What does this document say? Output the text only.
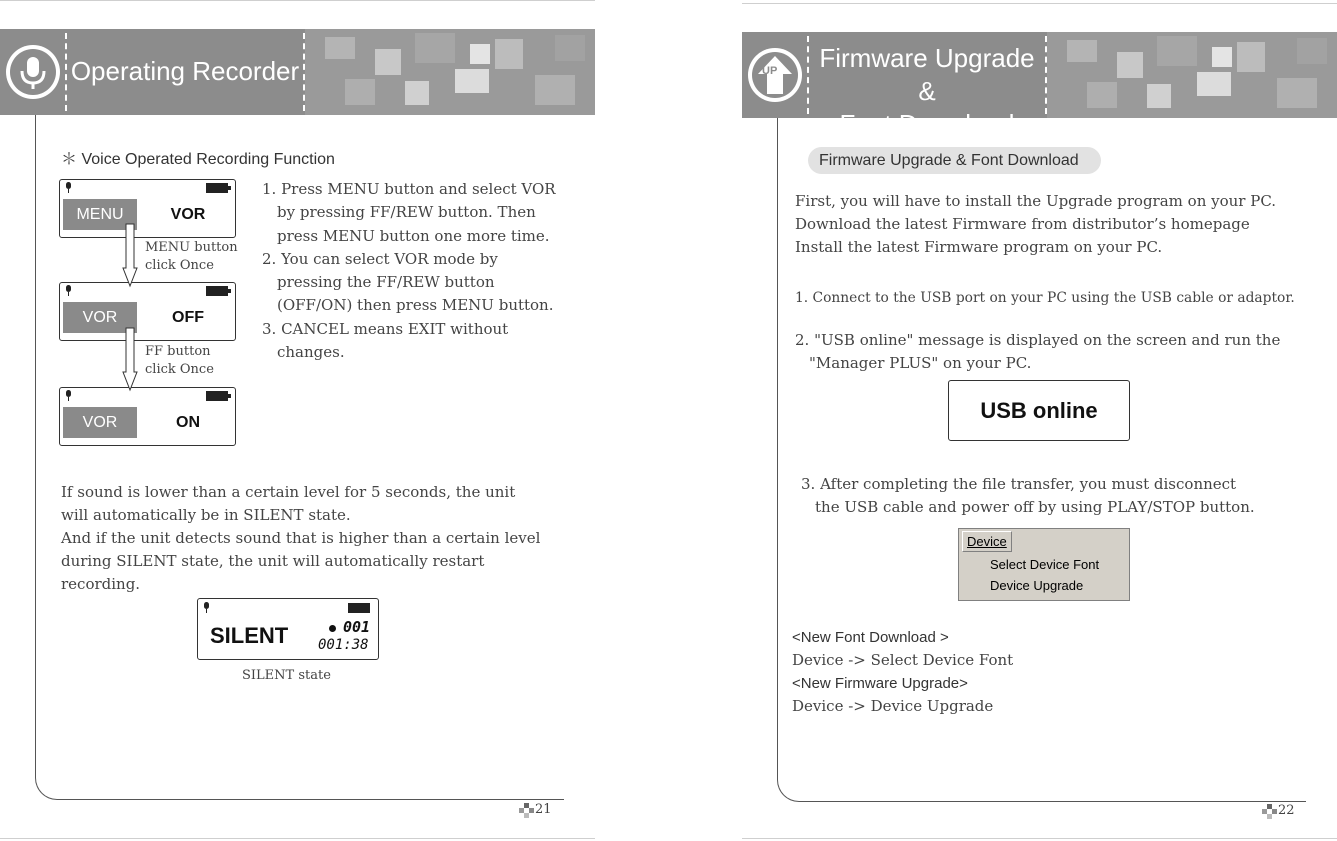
Operating Recorder
＊ Voice Operated Recording Function
MENU	VOR
VOR	OFF
VOR	ON
MENU button
click Once
FF button
click Once
1. Press MENU button and select VOR by pressing FF/REW button. Then press MENU button one more time.
2. You can select VOR mode by pressing the FF/REW button (OFF/ON) then press MENU button.
3. CANCEL means EXIT without changes.
If sound is lower than a certain level for 5 seconds, the unit
will automatically be in SILENT state.
And if the unit detects sound that is higher than a certain level
during SILENT state, the unit will automatically restart
recording.
SILENT	001
001:38
SILENT state
21
UP	Firmware Upgrade &
Font Download
Firmware Upgrade & Font Download
First, you will have to install the Upgrade program on your PC.
Download the latest Firmware from distributor’s homepage
Install the latest Firmware program on your PC.
1. Connect to the USB port on your PC using the USB cable or adaptor.
2. "USB online" message is displayed on the screen and run the
"Manager PLUS" on your PC.
USB online
3. After completing the file transfer, you must disconnect
the USB cable and power off by using PLAY/STOP button.
Device
Select Device Font
Device Upgrade
<New Font Download >
Device -> Select Device Font
<New Firmware Upgrade>
Device -> Device Upgrade
22
